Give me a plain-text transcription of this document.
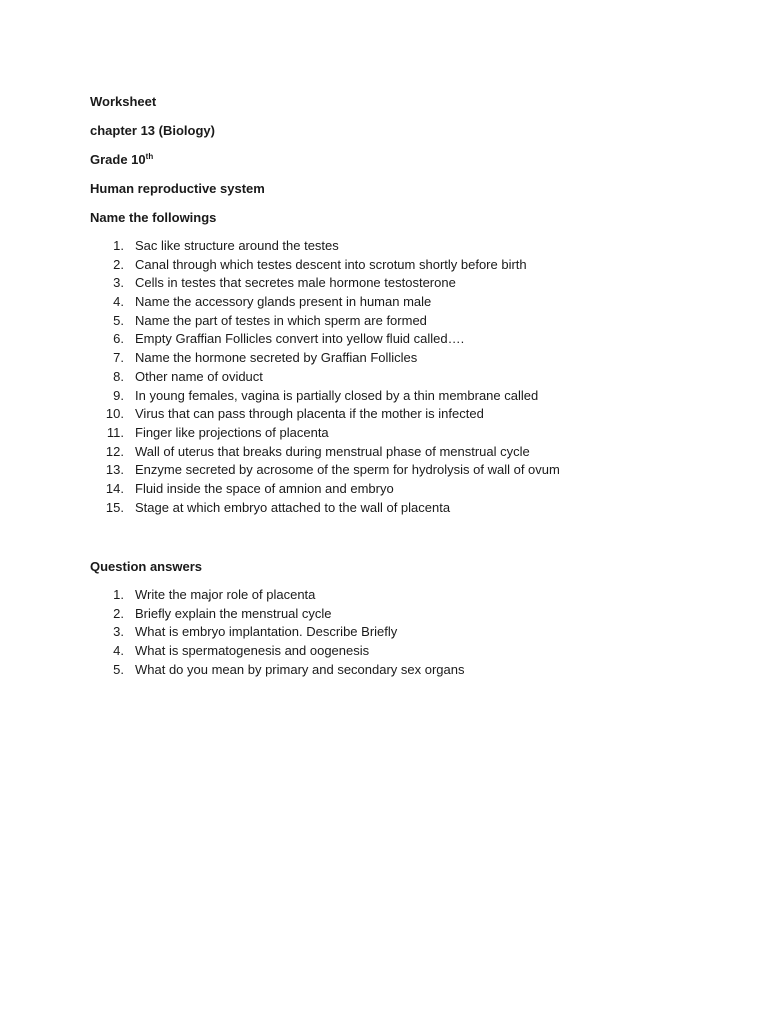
Worksheet
chapter 13 (Biology)
Grade 10th
Human reproductive system
Name the followings
1 . Sac like structure around the testes
2 . Canal through which testes descent into scrotum shortly before birth
3 . Cells in testes that secretes male hormone testosterone
4 . Name the accessory glands present in human male
5 . Name the part of testes in which sperm are formed
6 . Empty Graffian Follicles convert into yellow fluid called….
7 . Name the hormone secreted by Graffian Follicles
8 . Other name of oviduct
9 . In young females, vagina is partially closed by a thin membrane called
10 . Virus that can pass through placenta if the mother is infected
11 . Finger like projections of placenta
12 . Wall of uterus that breaks during menstrual phase of menstrual cycle
13 . Enzyme secreted by acrosome of the sperm for hydrolysis of wall of ovum
14 . Fluid inside the space of amnion and embryo
15 . Stage at which embryo attached to the wall of placenta
Question answers
1 . Write the major role of placenta
2 . Briefly explain the menstrual cycle
3 . What is embryo implantation. Describe Briefly
4 . What is spermatogenesis and oogenesis
5 . What do you mean by primary and secondary sex organs
